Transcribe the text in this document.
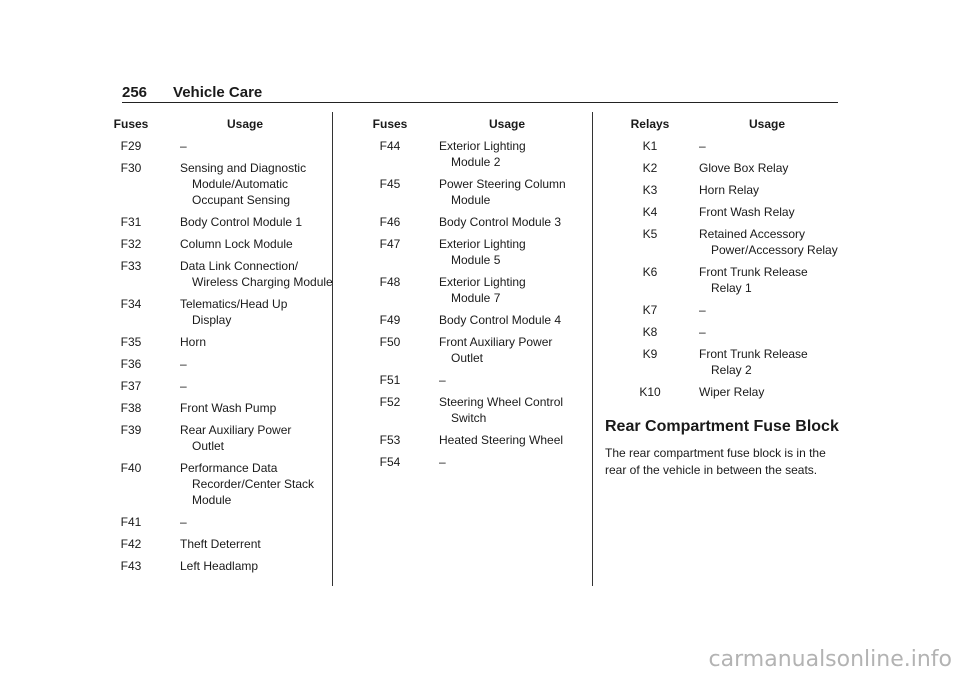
256 Vehicle Care
Fuses	Usage
F29	–
F30	Sensing and Diagnostic
Module/Automatic
Occupant Sensing
F31	Body Control Module 1
F32	Column Lock Module
F33	Data Link Connection/
Wireless Charging Module
F34	Telematics/Head Up
Display
F35	Horn
F36	–
F37	–
F38	Front Wash Pump
F39	Rear Auxiliary Power
Outlet
F40	Performance Data
Recorder/Center Stack
Module
F41	–
F42	Theft Deterrent
F43	Left Headlamp
Fuses	Usage
F44	Exterior Lighting
Module 2
F45	Power Steering Column
Module
F46	Body Control Module 3
F47	Exterior Lighting
Module 5
F48	Exterior Lighting
Module 7
F49	Body Control Module 4
F50	Front Auxiliary Power
Outlet
F51	–
F52	Steering Wheel Control
Switch
F53	Heated Steering Wheel
F54	–
Relays	Usage
K1	–
K2	Glove Box Relay
K3	Horn Relay
K4	Front Wash Relay
K5	Retained Accessory
Power/Accessory Relay
K6	Front Trunk Release
Relay 1
K7	–
K8	–
K9	Front Trunk Release
Relay 2
K10	Wiper Relay
Rear Compartment Fuse Block
The rear compartment fuse block is in the rear of the vehicle in between the seats.
carmanualsonline.info
